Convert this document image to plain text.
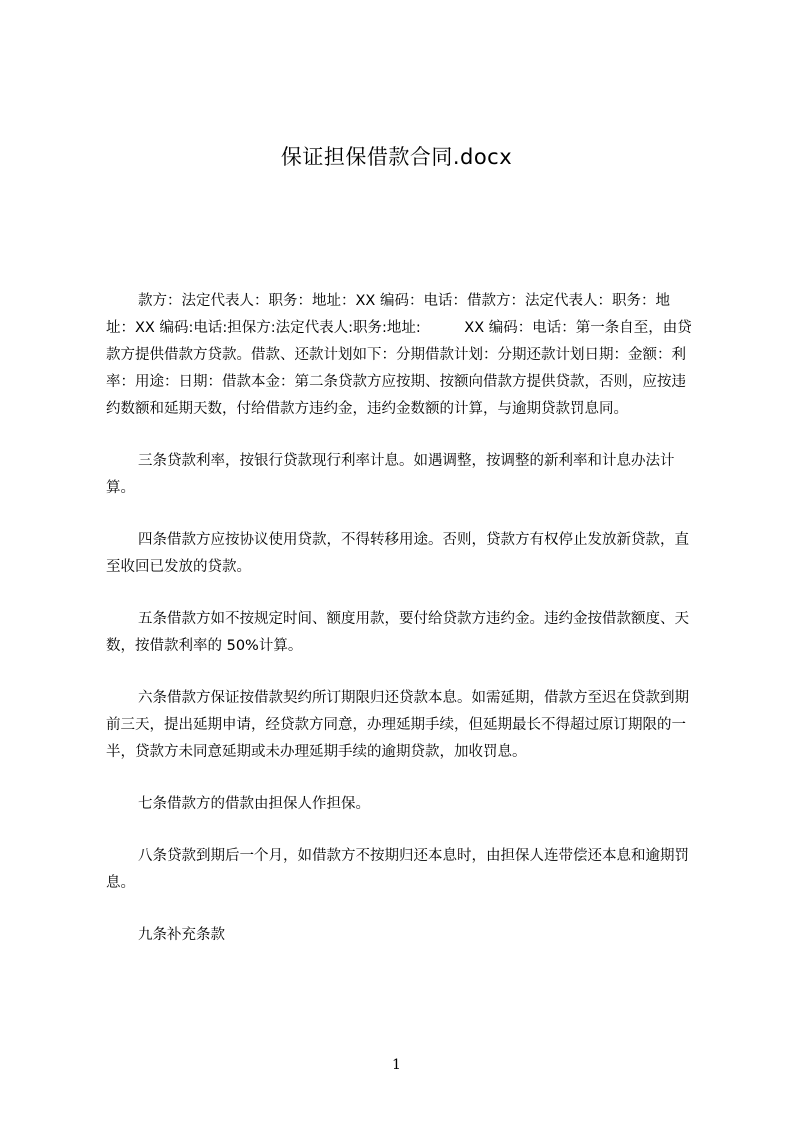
保证担保借款合同.docx

款方：法定代表人：职务：地址：XX 编码：电话：借款方：法定代表人：职务：地址：XX 编码:电话:担保方:法定代表人:职务:地址:　　　XX 编码：电话：第一条自至，由贷款方提供借款方贷款。借款、还款计划如下：分期借款计划：分期还款计划日期：金额：利率：用途：日期：借款本金：第二条贷款方应按期、按额向借款方提供贷款，否则，应按违约数额和延期天数，付给借款方违约金，违约金数额的计算，与逾期贷款罚息同。

三条贷款利率，按银行贷款现行利率计息。如遇调整，按调整的新利率和计息办法计算。

四条借款方应按协议使用贷款，不得转移用途。否则，贷款方有权停止发放新贷款，直至收回已发放的贷款。

五条借款方如不按规定时间、额度用款，要付给贷款方违约金。违约金按借款额度、天数，按借款利率的 50%计算。

六条借款方保证按借款契约所订期限归还贷款本息。如需延期，借款方至迟在贷款到期前三天，提出延期申请，经贷款方同意，办理延期手续，但延期最长不得超过原订期限的一半，贷款方未同意延期或未办理延期手续的逾期贷款，加收罚息。

七条借款方的借款由担保人作担保。

八条贷款到期后一个月，如借款方不按期归还本息时，由担保人连带偿还本息和逾期罚息。

九条补充条款

1
